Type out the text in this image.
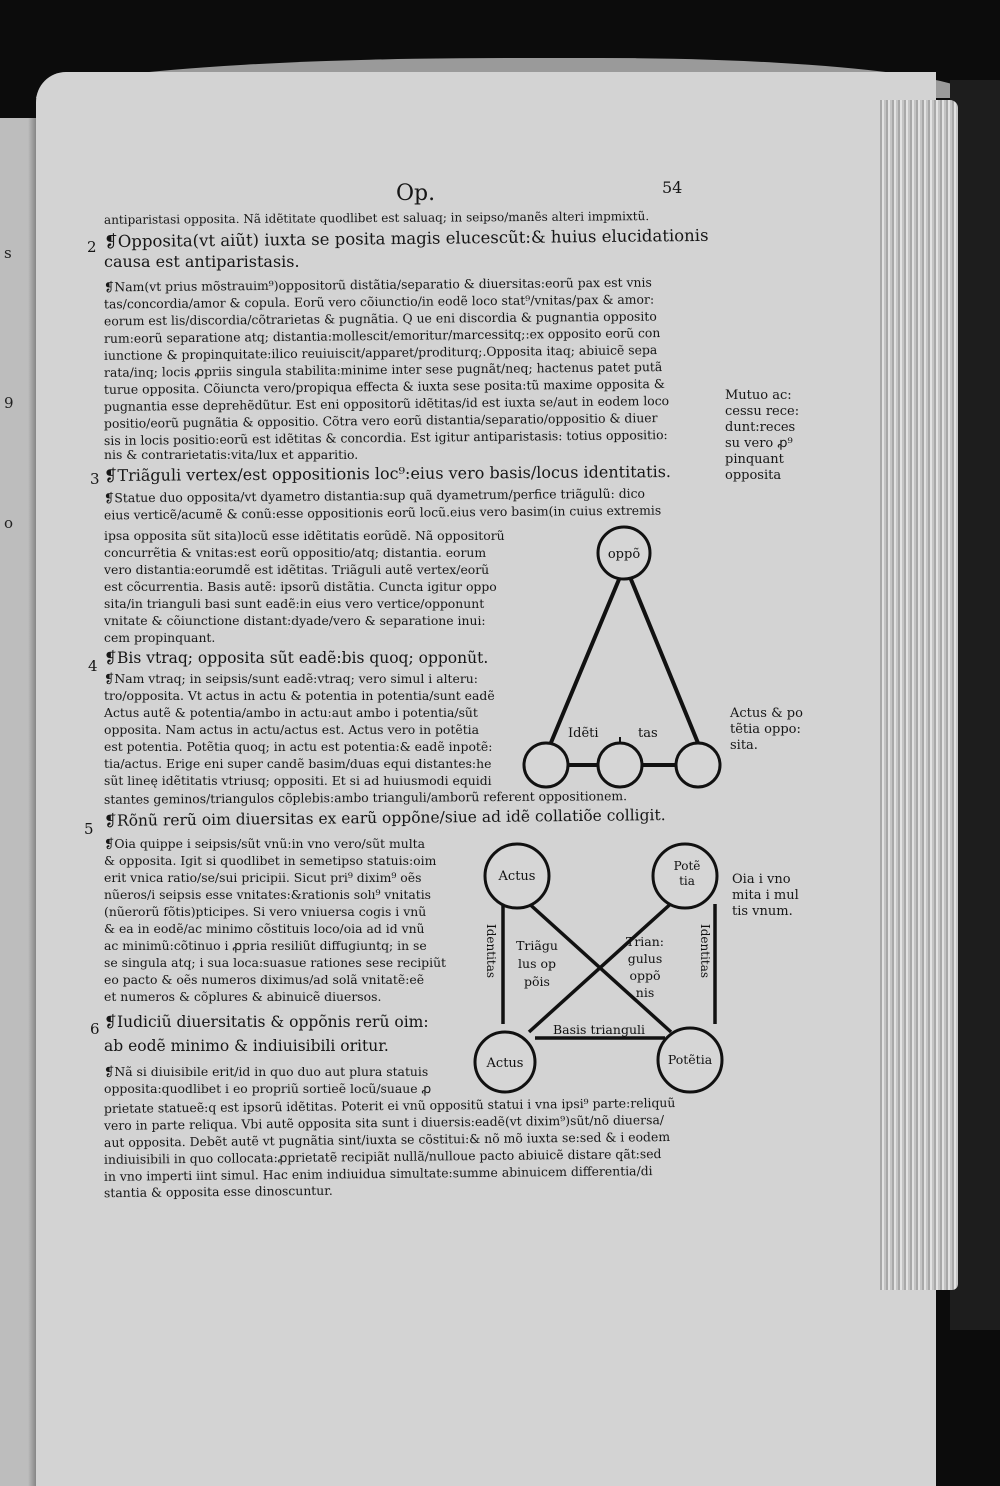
s
9
o
Op.	54
2
3
4
5
6
antiparistasi opposita. Nã idẽtitate quodlibet est saluaq; in seipso/manẽs alteri impmixtũ.
❡Opposita(vt aiũt) iuxta se posita magis elucescũt:& huius elucidationis
causa est antiparistasis.
❡Nam(vt prius mõstrauim⁹)oppositorũ distãtia/separatio & diuersitas:eorũ pax est vnis
tas/concordia/amor & copula. Eorũ vero cõiunctio/in eodẽ loco stat⁹/vnitas/pax & amor:
eorum est lis/discordia/cõtrarietas & pugnãtia. Q ue eni discordia & pugnantia opposito
rum:eorũ separatione atq; distantia:mollescit/emoritur/marcessitq;:ex opposito eorũ con
iunctione & propinquitate:ilico reuiuiscit/apparet/proditurq;.Opposita itaq; abiuicẽ sepa
rata/inq; locis ꝓpriis singula stabilita:minime inter sese pugnãt/neq; hactenus patet putã
turue opposita. Cõiuncta vero/propiqua effecta & iuxta sese posita:tũ maxime opposita &
pugnantia esse deprehẽdũtur. Est eni oppositorũ idẽtitas/id est iuxta se/aut in eodem loco
positio/eorũ pugnãtia & oppositio. Cõtra vero eorũ distantia/separatio/oppositio & diuer
sis in locis positio:eorũ est idẽtitas & concordia. Est igitur antiparistasis: totius oppositio:
nis & contrarietatis:vita/lux et apparitio.
❡Triãguli vertex/est oppositionis loc⁹:eius vero basis/locus identitatis.
❡Statue duo opposita/vt dyametro distantia:sup quã dyametrum/perfice triãgulũ: dico
eius verticẽ/acumẽ & conũ:esse oppositionis eorũ locũ.eius vero basim(in cuius extremis
ipsa opposita sũt sita)locũ esse idẽtitatis eorũdẽ. Nã oppositorũ
concurrẽtia & vnitas:est eorũ oppositio/atq; distantia. eorum
vero distantia:eorumdẽ est idẽtitas. Triãguli autẽ vertex/eorũ
est cõcurrentia. Basis autẽ: ipsorũ distãtia. Cuncta igitur oppo
sita/in trianguli basi sunt eadẽ:in eius vero vertice/opponunt
vnitate & cõiunctione distant:dyade/vero & separatione inui:
cem propinquant.
❡Bis vtraq; opposita sũt eadẽ:bis quoq; opponũt.
❡Nam vtraq; in seipsis/sunt eadẽ:vtraq; vero simul i alteru:
tro/opposita. Vt actus in actu & potentia in potentia/sunt eadẽ
Actus autẽ & potentia/ambo in actu:aut ambo i potentia/sũt
opposita. Nam actus in actu/actus est. Actus vero in potẽtia
est potentia. Potẽtia quoq; in actu est potentia:& eadẽ inpotẽ:
tia/actus. Erige eni super candẽ basim/duas equi distantes:he
sũt lineę idẽtitatis vtriusq; oppositi. Et si ad huiusmodi equidi
stantes geminos/triangulos cõplebis:ambo trianguli/amborũ referent oppositionem.
❡Rõnũ rerũ oim diuersitas ex earũ oppõne/siue ad idẽ collatiõe colligit.
❡Oia quippe i seipsis/sũt vnũ:in vno vero/sũt multa
& opposita. Igit si quodlibet in semetipso statuis:oim
erit vnica ratio/se/sui pricipii. Sicut pri⁹ dixim⁹ oẽs
nũeros/i seipsis esse vnitates:&rationis solı⁹ vnitatis
(nũerorũ fõtis)pticipes. Si vero vniuersa cogis i vnũ
& ea in eodẽ/ac minimo cõstituis loco/oia ad id vnũ
ac minimũ:cõtinuo i ꝓpria resiliũt diffugiuntq; in se
se singula atq; i sua loca:suasue rationes sese recipiũt
eo pacto & oẽs numeros diximus/ad solã vnitatẽ:eẽ
et numeros & cõplures & abinuicẽ diuersos.
❡Iudiciũ diuersitatis & oppõnis rerũ oim:
ab eodẽ minimo & indiuisibili oritur.
❡Nã si diuisibile erit/id in quo duo aut plura statuis
opposita:quodlibet i eo propriũ sortieẽ locũ/suaue ꝓ
prietate statueẽ:q est ipsorũ idẽtitas. Poterit ei vnũ oppositũ statui i vna ipsi⁹ parte:reliquũ
vero in parte reliqua. Vbi autẽ opposita sita sunt i diuersis:eadẽ(vt dixim⁹)sũt/nõ diuersa/
aut opposita. Debẽt autẽ vt pugnãtia sint/iuxta se cõstitui:& nõ mõ iuxta se:sed & i eodem
indiuisibili in quo collocata:ꝓprietatẽ recipiãt nullã/nulloue pacto abiuicẽ distare qãt:sed
in vno imperti iint simul. Hac enim indiuidua simultate:summe abinuicem differentia/di
stantia & opposita esse dinoscuntur.
Mutuo ac:
cessu rece:
dunt:reces
su vero ꝓ⁹
pinquant
opposita
Actus & po
tẽtia oppo:
sita.
Oia i vno
mita i mul
tis vnum.
oppõ
Idẽti	tas
Actus
Potẽ
tia
Actus	Potẽtia
Identitas	Identitas
Triãgu
lus op
põis
Trian:
gulus
oppõ
nis
Basis trianguli
